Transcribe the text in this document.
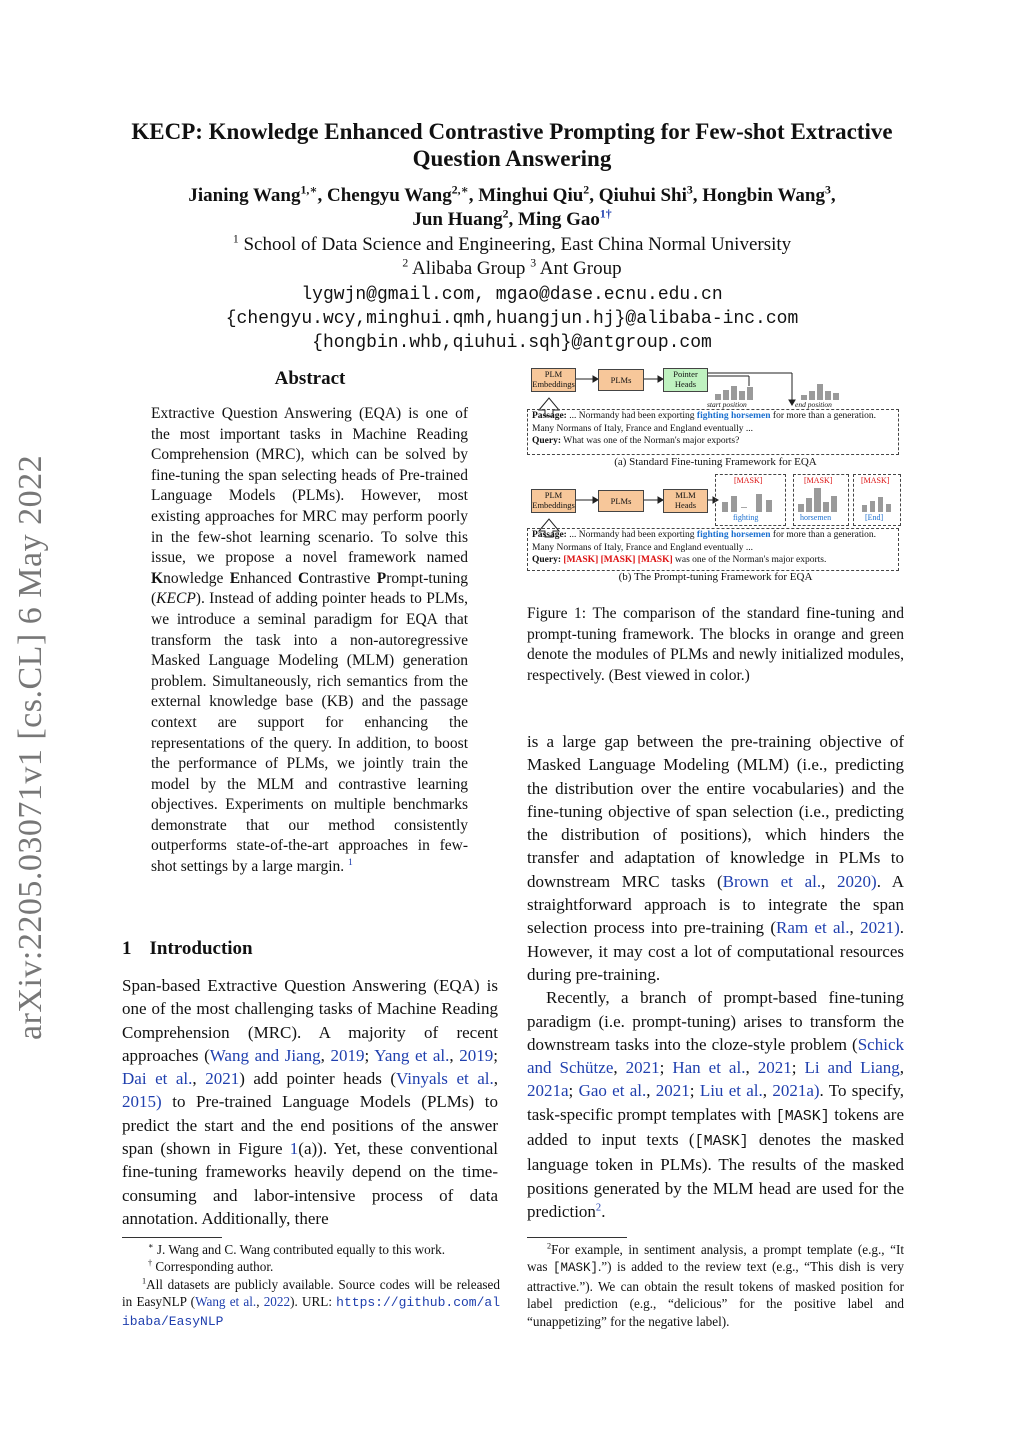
arXiv:2205.03071v1 [cs.CL] 6 May 2022
KECP: Knowledge Enhanced Contrastive Prompting for Few-shot Extractive Question Answering
Jianing Wang$^{1,∗}$, Chengyu Wang$^{2,∗}$, Minghui Qiu$^2$, Qiuhui Shi$^3$, Hongbin Wang$^3$,
Jun Huang$^2$, Ming Gao$^{1\dagger}$
$^1$ School of Data Science and Engineering, East China Normal University
$^2$ Alibaba Group $^3$ Ant Group
lygwjn@gmail.com, mgao@dase.ecnu.edu.cn
{chengyu.wcy,minghui.qmh,huangjun.hj}@alibaba-inc.com
{hongbin.whb,qiuhui.sqh}@antgroup.com
Abstract
Extractive Question Answering (EQA) is one of the most important tasks in Machine Reading Comprehension (MRC), which can be solved by fine-tuning the span selecting heads of Pre-trained Language Models (PLMs). However, most existing approaches for MRC may perform poorly in the few-shot learning scenario. To solve this issue, we propose a novel framework named Knowledge Enhanced Contrastive Prompt-tuning (KECP). Instead of adding pointer heads to PLMs, we introduce a seminal paradigm for EQA that transform the task into a non-autoregressive Masked Language Modeling (MLM) generation problem. Simultaneously, rich semantics from the external knowledge base (KB) and the passage context are support for enhancing the representations of the query. In addition, to boost the performance of PLMs, we jointly train the model by the MLM and contrastive learning objectives. Experiments on multiple benchmarks demonstrate that our method consistently outperforms state-of-the-art approaches in few-shot settings by a large margin. $^1$
1 Introduction
Span-based Extractive Question Answering (EQA) is one of the most challenging tasks of Machine Reading Comprehension (MRC). A majority of recent approaches (Wang and Jiang, 2019; Yang et al., 2019; Dai et al., 2021) add pointer heads (Vinyals et al., 2015) to Pre-trained Language Models (PLMs) to predict the start and the end positions of the answer span (shown in Figure 1(a)). Yet, these conventional fine-tuning frameworks heavily depend on the time-consuming and labor-intensive process of data annotation. Additionally, there
∗ J. Wang and C. Wang contributed equally to this work.
† Corresponding author.
$^1$All datasets are publicly available. Source codes will be released in EasyNLP (Wang et al., 2022). URL: https://github.com/alibaba/EasyNLP
PLM Embeddings	PLMs
Pointer Heads
start position	end position
Passage: ... Normandy had been exporting fighting horsemen for more than a generation. Many Normans of Italy, France and England eventually ...
Query: What was one of the Norman's major exports?
(a) Standard Fine-tuning Framework for EQA
PLM Embeddings	PLMs
MLM Heads
[MASK]
...
fighting
[MASK]
horsemen
[MASK]
[End]
Passage: ... Normandy had been exporting fighting horsemen for more than a generation. Many Normans of Italy, France and England eventually ...
Query: [MASK] [MASK] [MASK] was one of the Norman's major exports.
(b) The Prompt-tuning Framework for EQA
Figure 1: The comparison of the standard fine-tuning and prompt-tuning framework. The blocks in orange and green denote the modules of PLMs and newly initialized modules, respectively. (Best viewed in color.)

is a large gap between the pre-training objective of Masked Language Modeling (MLM) (i.e., predicting the distribution over the entire vocabularies) and the fine-tuning objective of span selection (i.e., predicting the distribution of positions), which hinders the transfer and adaptation of knowledge in PLMs to downstream MRC tasks (Brown et al., 2020). A straightforward approach is to integrate the span selection process into pre-training (Ram et al., 2021). However, it may cost a lot of computational resources during pre-training.

Recently, a branch of prompt-based fine-tuning paradigm (i.e. prompt-tuning) arises to transform the downstream tasks into the cloze-style problem (Schick and Schütze, 2021; Han et al., 2021; Li and Liang, 2021a; Gao et al., 2021; Liu et al., 2021a). To specify, task-specific prompt templates with [MASK] tokens are added to input texts ([MASK] denotes the masked language token in PLMs). The results of the masked positions generated by the MLM head are used for the prediction$^2$.

$^2$For example, in sentiment analysis, a prompt template (e.g., “It was [MASK].”) is added to the review text (e.g., “This dish is very attractive.”). We can obtain the result tokens of masked position for label prediction (e.g., “delicious” for the positive label and “unappetizing” for the negative label).
